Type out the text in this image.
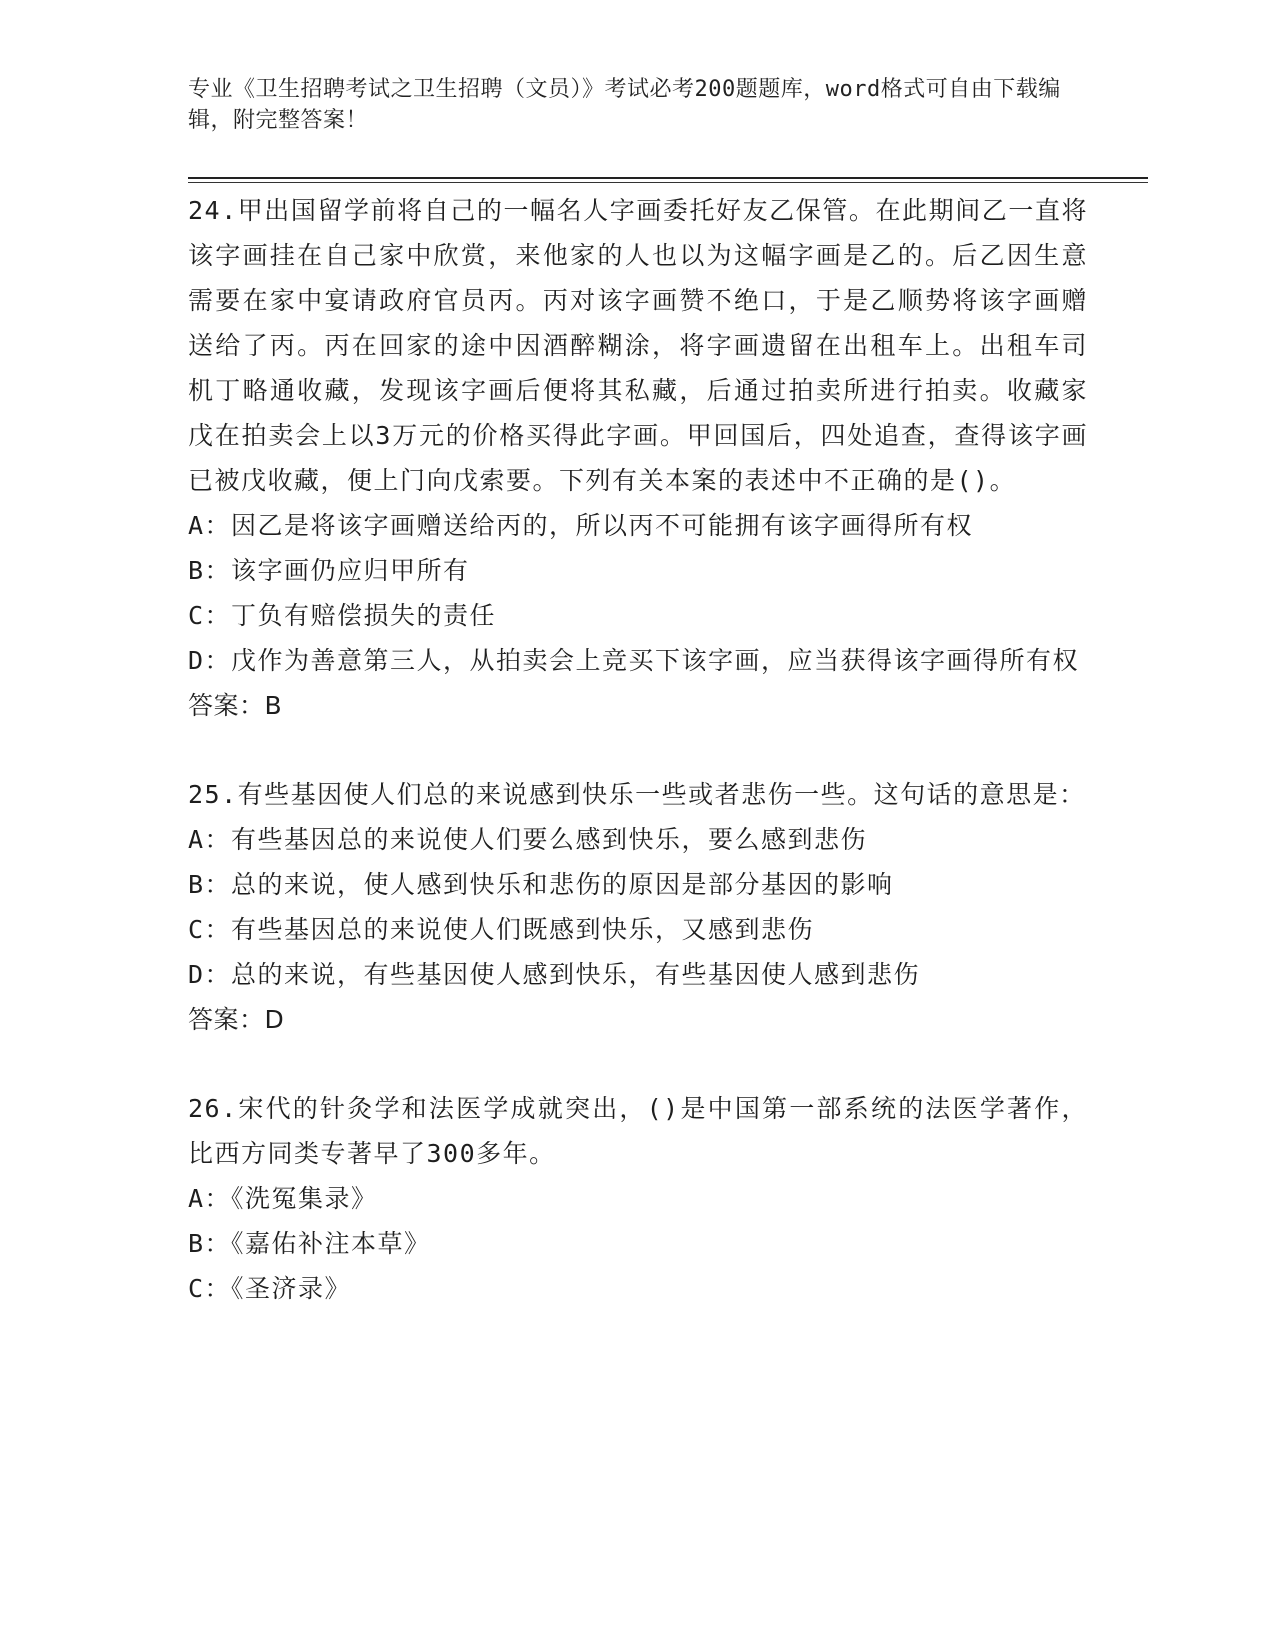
专业《卫生招聘考试之卫生招聘（文员）》考试必考200题题库，word格式可自由下载编辑，附完整答案！

24.甲出国留学前将自己的一幅名人字画委托好友乙保管。在此期间乙一直将该字画挂在自己家中欣赏，来他家的人也以为这幅字画是乙的。后乙因生意需要在家中宴请政府官员丙。丙对该字画赞不绝口，于是乙顺势将该字画赠送给了丙。丙在回家的途中因酒醉糊涂，将字画遗留在出租车上。出租车司机丁略通收藏，发现该字画后便将其私藏，后通过拍卖所进行拍卖。收藏家戊在拍卖会上以3万元的价格买得此字画。甲回国后，四处追查，查得该字画已被戊收藏，便上门向戊索要。下列有关本案的表述中不正确的是()。

A：因乙是将该字画赠送给丙的，所以丙不可能拥有该字画得所有权

B：该字画仍应归甲所有

C：丁负有赔偿损失的责任

D：戊作为善意第三人，从拍卖会上竞买下该字画，应当获得该字画得所有权

答案：B

25.有些基因使人们总的来说感到快乐一些或者悲伤一些。这句话的意思是：

A：有些基因总的来说使人们要么感到快乐，要么感到悲伤

B：总的来说，使人感到快乐和悲伤的原因是部分基因的影响

C：有些基因总的来说使人们既感到快乐，又感到悲伤

D：总的来说，有些基因使人感到快乐，有些基因使人感到悲伤

答案：D

26.宋代的针灸学和法医学成就突出，()是中国第一部系统的法医学著作，比西方同类专著早了300多年。

A：《洗冤集录》

B：《嘉佑补注本草》

C：《圣济录》
